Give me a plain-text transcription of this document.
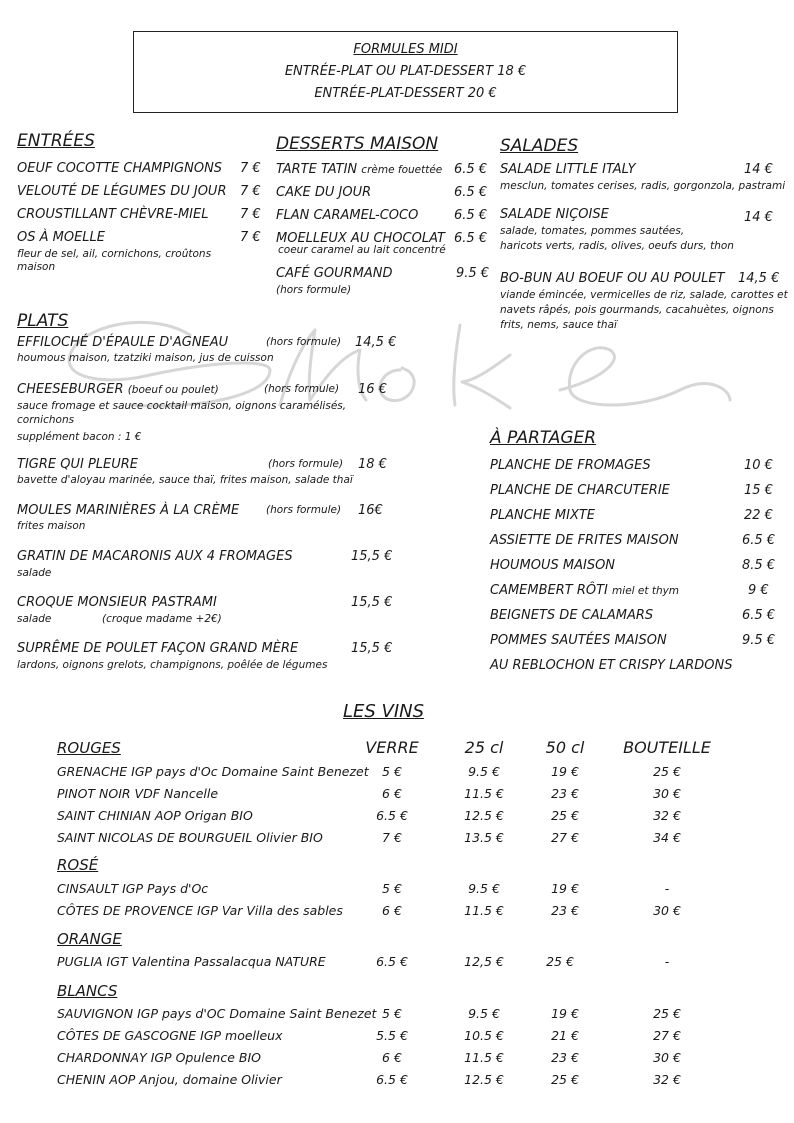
FORMULES MIDI
ENTRÉE-PLAT OU PLAT-DESSERT 18 €
ENTRÉE-PLAT-DESSERT 20 €
ENTRÉES
OEUF COCOTTE CHAMPIGNONS 7 €
VELOUTÉ DE LÉGUMES DU JOUR 7 €
CROUSTILLANT CHÈVRE-MIEL 7 €
OS À MOELLE	7 €
fleur de sel, ail, cornichons, croûtons maison
DESSERTS MAISON
TARTE TATIN crème fouettée 6.5 €
CAKE DU JOUR	6.5 €
FLAN CARAMEL-COCO	6.5 €
MOELLEUX AU CHOCOLAT 6.5 €
coeur caramel au lait concentré
CAFÉ GOURMAND	9.5 €
(hors formule)
SALADES
SALADE LITTLE ITALY	14 €
mesclun, tomates cerises, radis, gorgonzola, pastrami
SALADE NIÇOISE	14 €
salade, tomates, pommes sautées,
haricots verts, radis, olives, oeufs durs, thon
BO-BUN AU BOEUF OU AU POULET 14,5 €
viande émincée, vermicelles de riz, salade, carottes et
navets râpés, pois gourmands, cacahuètes, oignons
frits, nems, sauce thaï
PLATS
EFFILOCHÉ D'ÉPAULE D'AGNEAU	(hors formule) 14,5 €
houmous maison, tzatziki maison, jus de cuisson
CHEESEBURGER (boeuf ou poulet)	(hors formule) 16 €
sauce fromage et sauce cocktail maison, oignons caramélisés,
cornichons
supplément bacon : 1 €
TIGRE QUI PLEURE	(hors formule) 18 €
bavette d'aloyau marinée, sauce thaï, frites maison, salade thaï
MOULES MARINIÈRES À LA CRÈME	(hors formule) 16€
frites maison
GRATIN DE MACARONIS AUX 4 FROMAGES	15,5 €
salade
CROQUE MONSIEUR PASTRAMI	15,5 €
salade	(croque madame +2€)
SUPRÊME DE POULET FAÇON GRAND MÈRE	15,5 €
lardons, oignons grelots, champignons, poêlée de légumes
À PARTAGER
PLANCHE DE FROMAGES	10 €
PLANCHE DE CHARCUTERIE	15 €
PLANCHE MIXTE	22 €
ASSIETTE DE FRITES MAISON	6.5 €
HOUMOUS MAISON	8.5 €
CAMEMBERT RÔTI miel et thym	9 €
BEIGNETS DE CALAMARS	6.5 €
POMMES SAUTÉES MAISON	9.5 €
AU REBLOCHON ET CRISPY LARDONS
LES VINS
VERRE	25 cl	50 cl BOUTEILLE
ROUGES
ROSÉ
ORANGE
BLANCS
GRENACHE IGP pays d'Oc Domaine Saint Benezet 5 €	9.5 €	19 €	25 €
PINOT NOIR VDF Nancelle	6 €	11.5 €	23 €	30 €
SAINT CHINIAN AOP Origan BIO	6.5 €	12.5 €	25 €	32 €
SAINT NICOLAS DE BOURGUEIL Olivier BIO	7 €	13.5 €	27 €	34 €
CINSAULT IGP Pays d'Oc	5 €	9.5 €	19 €	-
CÔTES DE PROVENCE IGP Var Villa des sables	6 €	11.5 €	23 €	30 €
PUGLIA IGT Valentina Passalacqua NATURE	6.5 €	12,5 €	25 €	-
SAUVIGNON IGP pays d'OC Domaine Saint Benezet 5 €	9.5 €	19 €	25 €
CÔTES DE GASCOGNE IGP moelleux	5.5 €	10.5 €	21 €	27 €
CHARDONNAY IGP Opulence BIO	6 €	11.5 €	23 €	30 €
CHENIN AOP Anjou, domaine Olivier	6.5 €	12.5 €	25 €	32 €
